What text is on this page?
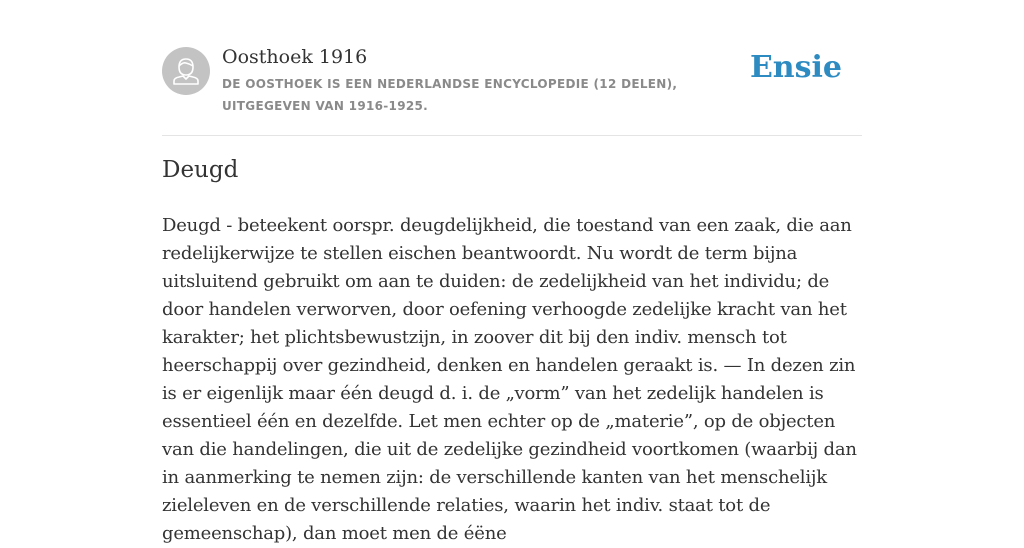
Oosthoek 1916
DE OOSTHOEK IS EEN NEDERLANDSE ENCYCLOPEDIE (12 DELEN), UITGEGEVEN VAN 1916-1925.
Ensie
Deugd

Deugd - beteekent oorspr. deugdelijkheid, die toestand van een zaak, die aan redelijkerwijze te stellen eischen beantwoordt. Nu wordt de term bijna uitsluitend gebruikt om aan te duiden: de zedelijkheid van het individu; de door handelen verworven, door oefening verhoogde zedelijke kracht van het karakter; het plichtsbewustzijn, in zoover dit bij den indiv. mensch tot heerschappij over gezindheid, denken en handelen geraakt is. — In dezen zin is er eigenlijk maar één deugd d. i. de „vorm” van het zedelijk handelen is essentieel één en dezelfde. Let men echter op de „materie”, op de objecten van die handelingen, die uit de zedelijke gezindheid voortkomen (waarbij dan in aanmerking te nemen zijn: de verschillende kanten van het menschelijk zieleleven en de verschillende relaties, waarin het indiv. staat tot de gemeenschap), dan moet men de éëne
